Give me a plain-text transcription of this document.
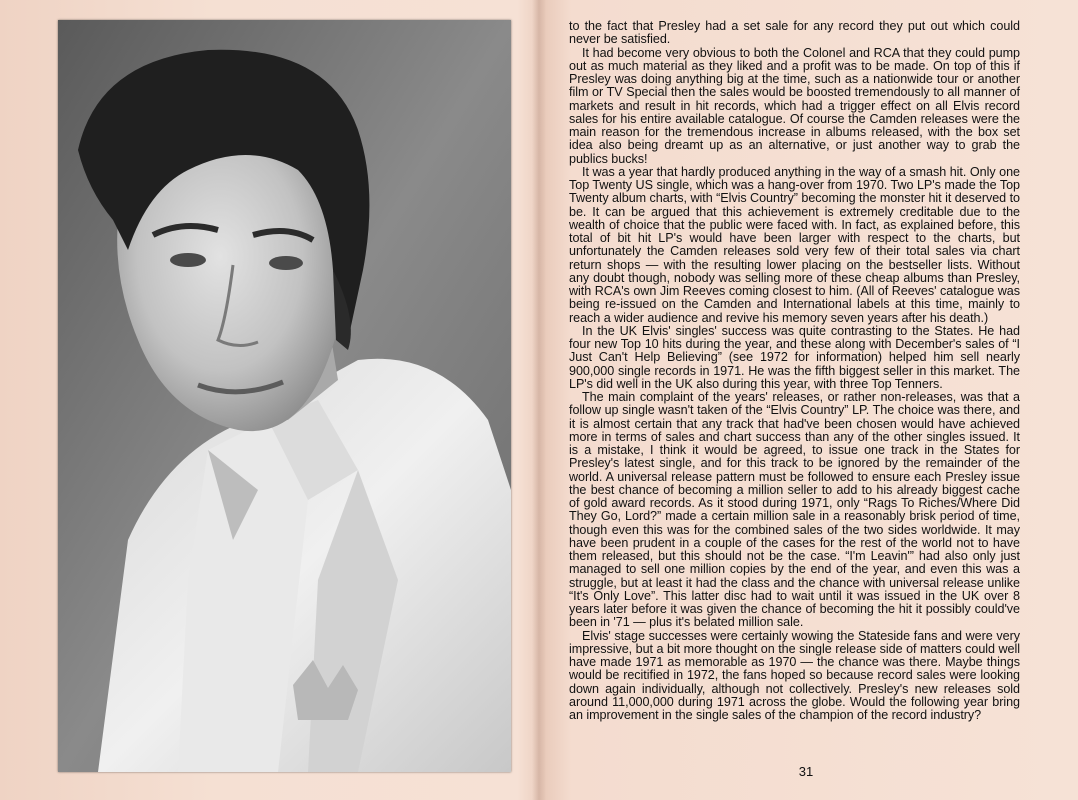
to the fact that Presley had a set sale for any record they put out which could never be satisfied.

It had become very obvious to both the Colonel and RCA that they could pump out as much material as they liked and a profit was to be made. On top of this if Presley was doing anything big at the time, such as a nationwide tour or another film or TV Special then the sales would be boosted tremendously to all manner of markets and result in hit records, which had a trigger effect on all Elvis record sales for his entire available catalogue. Of course the Camden releases were the main reason for the tremendous increase in albums released, with the box set idea also being dreamt up as an alternative, or just another way to grab the publics bucks!

It was a year that hardly produced anything in the way of a smash hit. Only one Top Twenty US single, which was a hang-over from 1970. Two LP's made the Top Twenty album charts, with “Elvis Country” becoming the monster hit it deserved to be. It can be argued that this achievement is extremely creditable due to the wealth of choice that the public were faced with. In fact, as explained before, this total of bit hit LP's would have been larger with respect to the charts, but unfortunately the Camden releases sold very few of their total sales via chart return shops — with the resulting lower placing on the bestseller lists. Without any doubt though, nobody was selling more of these cheap albums than Presley, with RCA's own Jim Reeves coming closest to him. (All of Reeves' catalogue was being re-issued on the Camden and International labels at this time, mainly to reach a wider audience and revive his memory seven years after his death.)

In the UK Elvis' singles' success was quite contrasting to the States. He had four new Top 10 hits during the year, and these along with December's sales of “I Just Can't Help Believing” (see 1972 for information) helped him sell nearly 900,000 single records in 1971. He was the fifth biggest seller in this market. The LP's did well in the UK also during this year, with three Top Tenners.

The main complaint of the years' releases, or rather non-releases, was that a follow up single wasn't taken of the “Elvis Country” LP. The choice was there, and it is almost certain that any track that had've been chosen would have achieved more in terms of sales and chart success than any of the other singles issued. It is a mistake, I think it would be agreed, to issue one track in the States for Presley's latest single, and for this track to be ignored by the remainder of the world. A universal release pattern must be followed to ensure each Presley issue the best chance of becoming a million seller to add to his already biggest cache of gold award records. As it stood during 1971, only “Rags To Riches/Where Did They Go, Lord?” made a certain million sale in a reasonably brisk period of time, though even this was for the combined sales of the two sides worldwide. It may have been prudent in a couple of the cases for the rest of the world not to have them released, but this should not be the case. “I'm Leavin'” had also only just managed to sell one million copies by the end of the year, and even this was a struggle, but at least it had the class and the chance with universal release unlike “It's Only Love”. This latter disc had to wait until it was issued in the UK over 8 years later before it was given the chance of becoming the hit it possibly could've been in '71 — plus it's belated million sale.

Elvis' stage successes were certainly wowing the Stateside fans and were very impressive, but a bit more thought on the single release side of matters could well have made 1971 as memorable as 1970 — the chance was there. Maybe things would be recitified in 1972, the fans hoped so because record sales were looking down again individually, although not collectively. Presley's new releases sold around 11,000,000 during 1971 across the globe. Would the following year bring an improvement in the single sales of the champion of the record industry?

31
